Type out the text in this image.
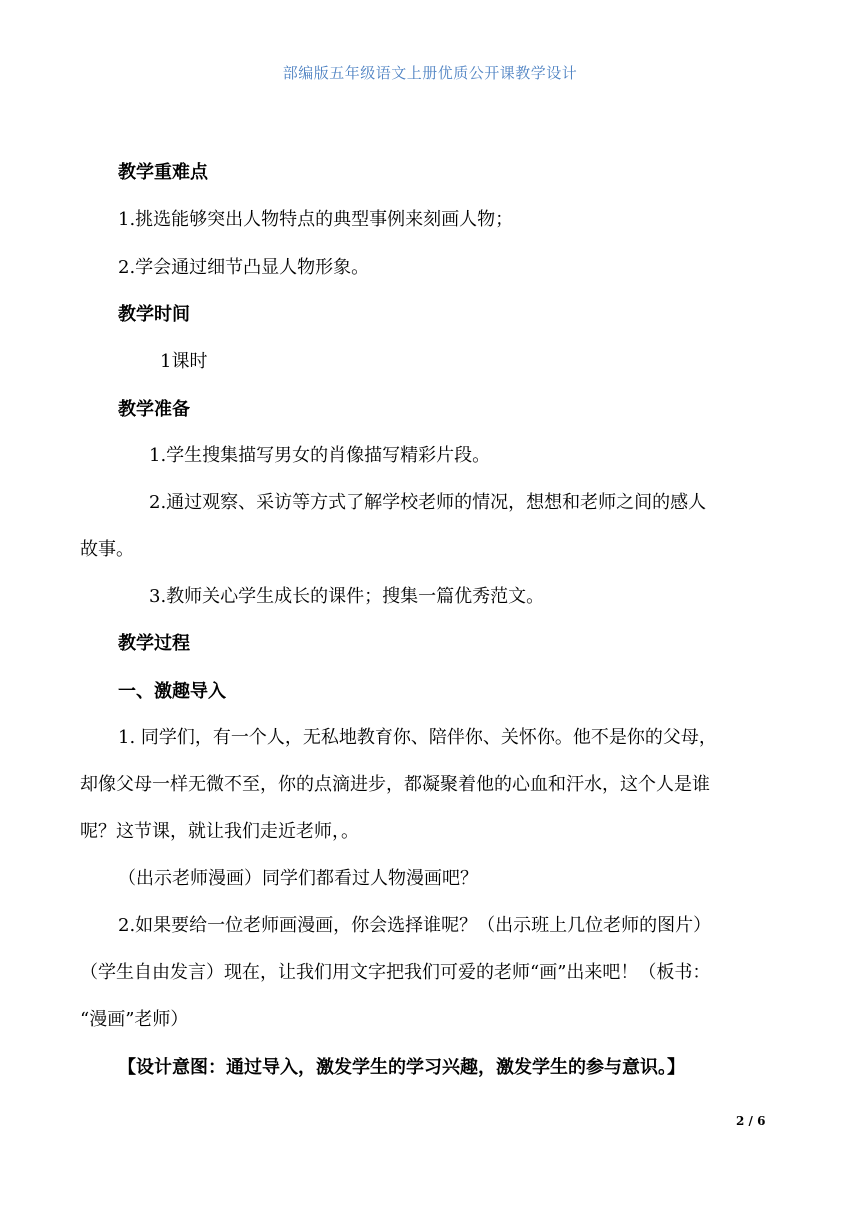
部编版五年级语文上册优质公开课教学设计
教学重难点
1.挑选能够突出人物特点的典型事例来刻画人物；
2.学会通过细节凸显人物形象。
教学时间
1课时
教学准备
1.学生搜集描写男女的肖像描写精彩片段。
2.通过观察、采访等方式了解学校老师的情况，想想和老师之间的感人
故事。
3.教师关心学生成长的课件；搜集一篇优秀范文。
教学过程
一、激趣导入
1. 同学们，有一个人，无私地教育你、陪伴你、关怀你。他不是你的父母，
却像父母一样无微不至，你的点滴进步，都凝聚着他的心血和汗水，这个人是谁
呢？这节课，就让我们走近老师，。
（出示老师漫画）同学们都看过人物漫画吧？
2.如果要给一位老师画漫画，你会选择谁呢？（出示班上几位老师的图片）
（学生自由发言）现在，让我们用文字把我们可爱的老师“画”出来吧！（板书：
“漫画”老师）
【设计意图：通过导入，激发学生的学习兴趣，激发学生的参与意识。】
2 / 6
